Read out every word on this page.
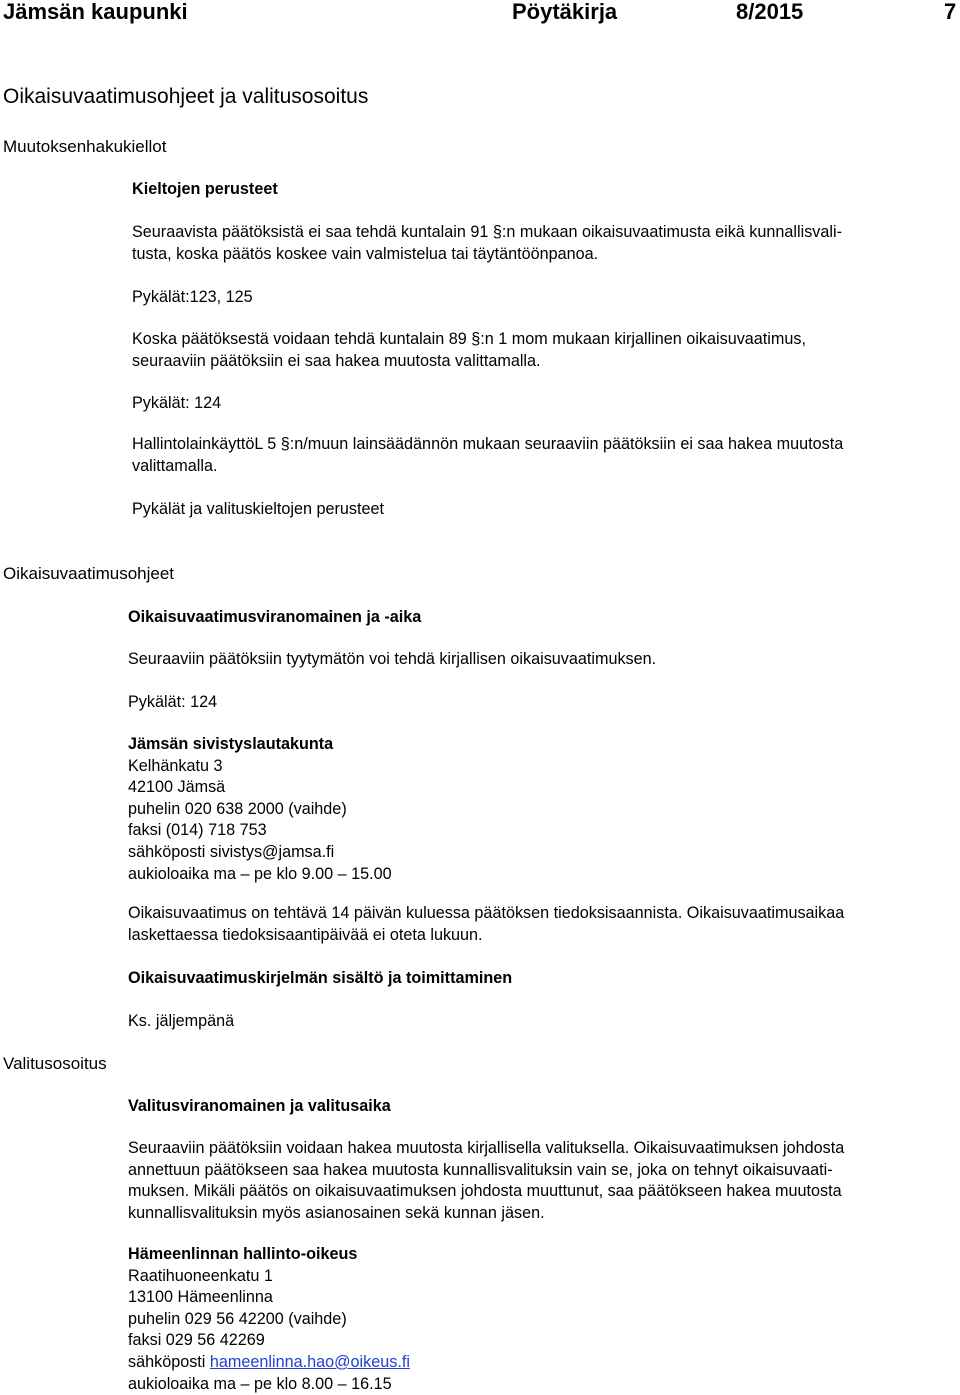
Jämsän kaupunki	Pöytäkirja	8/2015	7
Oikaisuvaatimusohjeet ja valitusosoitus
Muutoksenhakukiellot
Kieltojen perusteet
Seuraavista päätöksistä ei saa tehdä kuntalain 91 §:n mukaan oikaisuvaatimusta eikä kunnallisvali-
tusta, koska päätös koskee vain valmistelua tai täytäntöönpanoa.
Pykälät:123, 125
Koska päätöksestä voidaan tehdä kuntalain 89 §:n 1 mom mukaan kirjallinen oikaisuvaatimus,
seuraaviin päätöksiin ei saa hakea muutosta valittamalla.
Pykälät: 124
HallintolainkäyttöL 5 §:n/muun lainsäädännön mukaan seuraaviin päätöksiin ei saa hakea muutosta
valittamalla.
Pykälät ja valituskieltojen perusteet
Oikaisuvaatimusohjeet
Oikaisuvaatimusviranomainen ja -aika
Seuraaviin päätöksiin tyytymätön voi tehdä kirjallisen oikaisuvaatimuksen.
Pykälät: 124
Jämsän sivistyslautakunta
Kelhänkatu 3
42100 Jämsä
puhelin 020 638 2000 (vaihde)
faksi (014) 718 753
sähköposti sivistys@jamsa.fi
aukioloaika ma – pe klo 9.00 – 15.00
Oikaisuvaatimus on tehtävä 14 päivän kuluessa päätöksen tiedoksisaannista. Oikaisuvaatimusaikaa
laskettaessa tiedoksisaantipäivää ei oteta lukuun.
Oikaisuvaatimuskirjelmän sisältö ja toimittaminen
Ks. jäljempänä
Valitusosoitus
Valitusviranomainen ja valitusaika
Seuraaviin päätöksiin voidaan hakea muutosta kirjallisella valituksella. Oikaisuvaatimuksen johdosta
annettuun päätökseen saa hakea muutosta kunnallisvalituksin vain se, joka on tehnyt oikaisuvaati-
muksen. Mikäli päätös on oikaisuvaatimuksen johdosta muuttunut, saa päätökseen hakea muutosta
kunnallisvalituksin myös asianosainen sekä kunnan jäsen.
Hämeenlinnan hallinto-oikeus
Raatihuoneenkatu 1
13100 Hämeenlinna
puhelin 029 56 42200 (vaihde)
faksi 029 56 42269
sähköposti hameenlinna.hao@oikeus.fi
aukioloaika ma – pe klo 8.00 – 16.15
